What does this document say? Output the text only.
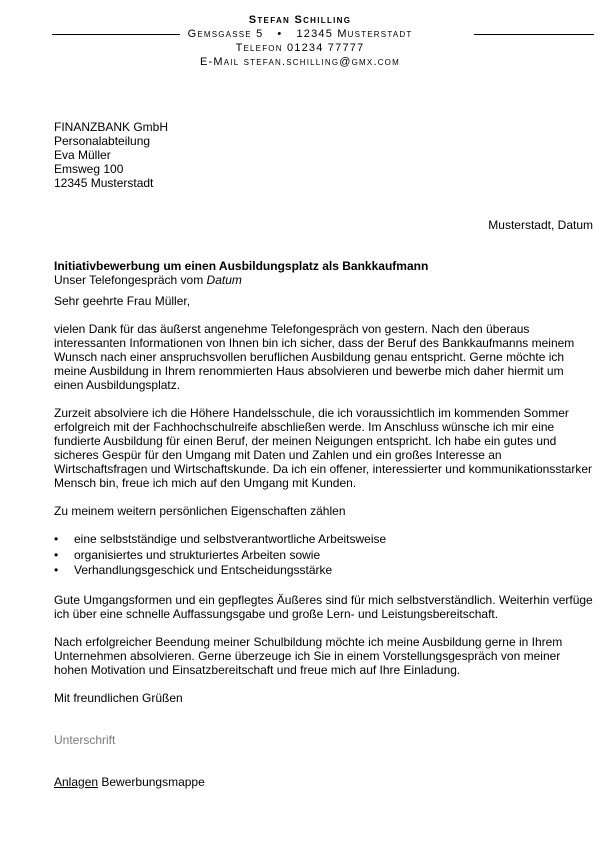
Stefan Schilling
Gemsgasse 5 • 12345 Musterstadt
Telefon 01234 77777
E-Mail stefan.schilling@gmx.com
FINANZBANK GmbH
Personalabteilung
Eva Müller
Emsweg 100
12345 Musterstadt
Musterstadt, Datum
Initiativbewerbung um einen Ausbildungsplatz als Bankkaufmann
Unser Telefongespräch vom Datum

Sehr geehrte Frau Müller,

vielen Dank für das äußerst angenehme Telefongespräch von gestern. Nach den überaus interessanten Informationen von Ihnen bin ich sicher, dass der Beruf des Bankkaufmanns meinem Wunsch nach einer anspruchsvollen beruflichen Ausbildung genau entspricht. Gerne möchte ich meine Ausbildung in Ihrem renommierten Haus absolvieren und bewerbe mich daher hiermit um einen Ausbildungsplatz.

Zurzeit absolviere ich die Höhere Handelsschule, die ich voraussichtlich im kommenden Sommer erfolgreich mit der Fachhochschulreife abschließen werde. Im Anschluss wünsche ich mir eine fundierte Ausbildung für einen Beruf, der meinen Neigungen entspricht. Ich habe ein gutes und sicheres Gespür für den Umgang mit Daten und Zahlen und ein großes Interesse an Wirtschaftsfragen und Wirtschaftskunde. Da ich ein offener, interessierter und kommunikationsstarker Mensch bin, freue ich mich auf den Umgang mit Kunden.

Zu meinem weitern persönlichen Eigenschaften zählen

• eine selbstständige und selbstverantwortliche Arbeitsweise
• organisiertes und strukturiertes Arbeiten sowie
• Verhandlungsgeschick und Entscheidungsstärke

Gute Umgangsformen und ein gepflegtes Äußeres sind für mich selbstverständlich. Weiterhin verfüge ich über eine schnelle Auffassungsgabe und große Lern- und Leistungsbereitschaft.

Nach erfolgreicher Beendung meiner Schulbildung möchte ich meine Ausbildung gerne in Ihrem Unternehmen absolvieren. Gerne überzeuge ich Sie in einem Vorstellungsgespräch von meiner hohen Motivation und Einsatzbereitschaft und freue mich auf Ihre Einladung.

Mit freundlichen Grüßen

Unterschrift

Anlagen Bewerbungsmappe
